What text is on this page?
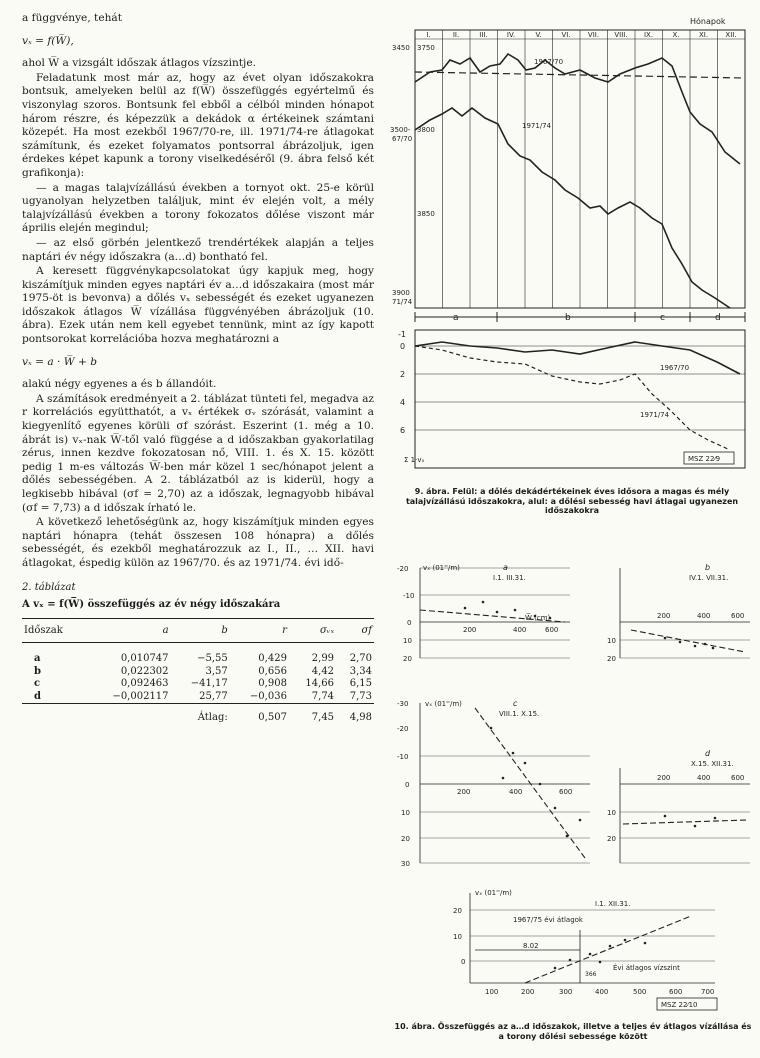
a függvénye, tehát

vₓ = f(W̅),

ahol W̅ a vizsgált időszak átlagos vízszintje.

Feladatunk most már az, hogy az évet olyan időszakokra bontsuk, amelyeken belül az f(W̅) összefüggés egyértelmű és viszonylag szoros. Bontsunk fel ebből a célból minden hónapot három részre, és képezzük a dekádok α értékeinek számtani közepét. Ha most ezekből 1967/70-re, ill. 1971/74-re átlagokat számítunk, és ezeket folyamatos pontsorral ábrázoljuk, igen érdekes képet kapunk a torony viselkedéséről (9. ábra felső két grafikonja):

— a magas talajvízállású években a tornyot okt. 25-e körül ugyanolyan helyzetben találjuk, mint év elején volt, a mély talajvízállású években a torony fokozatos dőlése viszont már április elején megindul;

— az első görbén jelentkező trendértékek alapján a teljes naptári év négy időszakra (a…d) bontható fel.

A keresett függvénykapcsolatokat úgy kapjuk meg, hogy kiszámítjuk minden egyes naptári év a…d időszakaira (most már 1975-öt is bevonva) a dőlés vₓ sebességét és ezeket ugyanezen időszakok átlagos W̅ vízállása függvényében ábrázoljuk (10. ábra). Ezek után nem kell egyebet tennünk, mint az így kapott pontsorokat korrelációba hozva meghatározni a

vₓ = a · W̅ + b

alakú négy egyenes a és b állandóit.

A számítások eredményeit a 2. táblázat tünteti fel, megadva az r korrelációs együtthatót, a vₓ értékek σᵥ szórását, valamint a kiegyenlítő egyenes körüli σf szórást. Eszerint (1. még a 10. ábrát is) vₓ-nak W̅-től való függése a d időszakban gyakorlatilag zérus, innen kezdve fokozatosan nő, VIII. 1. és X. 15. között pedig 1 m-es változás W̅-ben már közel 1 sec/hónapot jelent a dőlés sebességében. A 2. táblázatból az is kiderül, hogy a legkisebb hibával (σf = 2,70) az a időszak, legnagyobb hibával (σf = 7,73) a d időszak írható le.

A következő lehetőségünk az, hogy kiszámítjuk minden egyes naptári hónapra (tehát összesen 108 hónapra) a dőlés sebességét, és ezekből meghatározzuk az I., II., … XII. havi átlagokat, éspedig külön az 1967/70. és az 1971/74. évi idő-

2. táblázat

A vₓ = f(W̅) összefüggés az év négy időszakára

Időszak	a	b	r	σᵥₓ	σf
a	0,010747	−5,55	0,429	2,99	2,70
b	0,022302	3,57	0,656	4,42	3,34
c	0,092463	−41,17	0,908	14,66	6,15
d	−0,002117	25,77	−0,036	7,74	7,73
		Átlag:	0,507	7,45	4,98
Hónapok
I.	II.	III.	IV.	V.	VI. VII. VIII. IX.	X.	XI. XII.
3450 3750
3500-
67/70
3800
3850
3900
71/74
1967/70
1971/74
a	b	c	d
-1
0
2
4
6
Σ 1·vₓ
1967/70
1971/74
MSZ 22⁄9
9. ábra. Felül: a dőlés dekádértékeinek éves idősora a magas és mély talajvízállású időszakokra, alul: a dőlési sebesség havi átlagai ugyanezen időszakokra
-20
-10
0
10
20
vₓ (01''/m)	a
I.1. III.31.
W̅ (cm)
200	400	600
b
IV.1. VII.31.
200	400	600
10
20
-30
-20
-10
0
10
20
30
vₓ (01''/m)	c
VIII.1. X.15.
200	400	600
d
X.15. XII.31.
200	400	600
10
20
20
10
0
vₓ (01''/m)
I.1. XII.31.
1967/75 évi átlagok
8.02
366
Évi átlagos vízszint
100	200	300	400	500	600	700
MSZ 22⁄10
10. ábra. Összefüggés az a…d időszakok, illetve a teljes év átlagos vízállása és a torony dőlési sebessége között
